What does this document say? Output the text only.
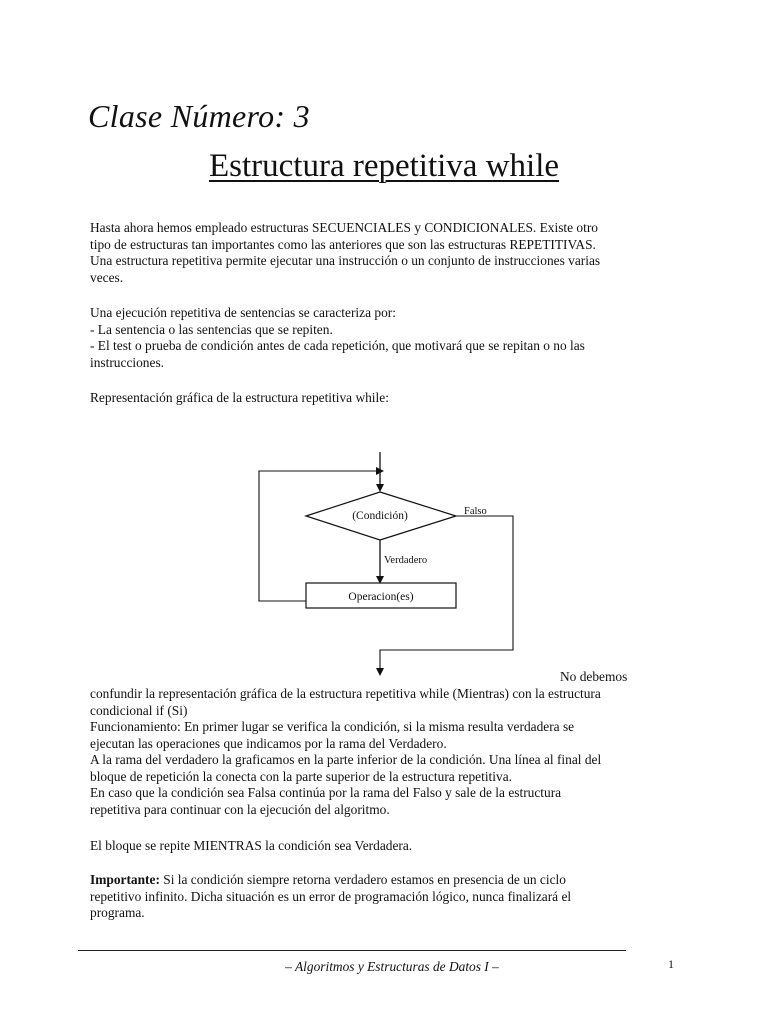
Clase Número: 3
Estructura repetitiva while
Hasta ahora hemos empleado estructuras SECUENCIALES y CONDICIONALES. Existe otro
tipo de estructuras tan importantes como las anteriores que son las estructuras REPETITIVAS.
Una estructura repetitiva permite ejecutar una instrucción o un conjunto de instrucciones varias
veces.
Una ejecución repetitiva de sentencias se caracteriza por:
- La sentencia o las sentencias que se repiten.
- El test o prueba de condición antes de cada repetición, que motivará que se repitan o no las
instrucciones.
Representación gráfica de la estructura repetitiva while:
(Condición)	Falso
Verdadero
Operacion(es)
No debemos
confundir la representación gráfica de la estructura repetitiva while (Mientras) con la estructura
condicional if (Si)
Funcionamiento: En primer lugar se verifica la condición, si la misma resulta verdadera se
ejecutan las operaciones que indicamos por la rama del Verdadero.
A la rama del verdadero la graficamos en la parte inferior de la condición. Una línea al final del
bloque de repetición la conecta con la parte superior de la estructura repetitiva.
En caso que la condición sea Falsa continúa por la rama del Falso y sale de la estructura
repetitiva para continuar con la ejecución del algoritmo.
El bloque se repite MIENTRAS la condición sea Verdadera.
Importante: Si la condición siempre retorna verdadero estamos en presencia de un ciclo
repetitivo infinito. Dicha situación es un error de programación lógico, nunca finalizará el
programa.
– Algoritmos y Estructuras de Datos I –	1
